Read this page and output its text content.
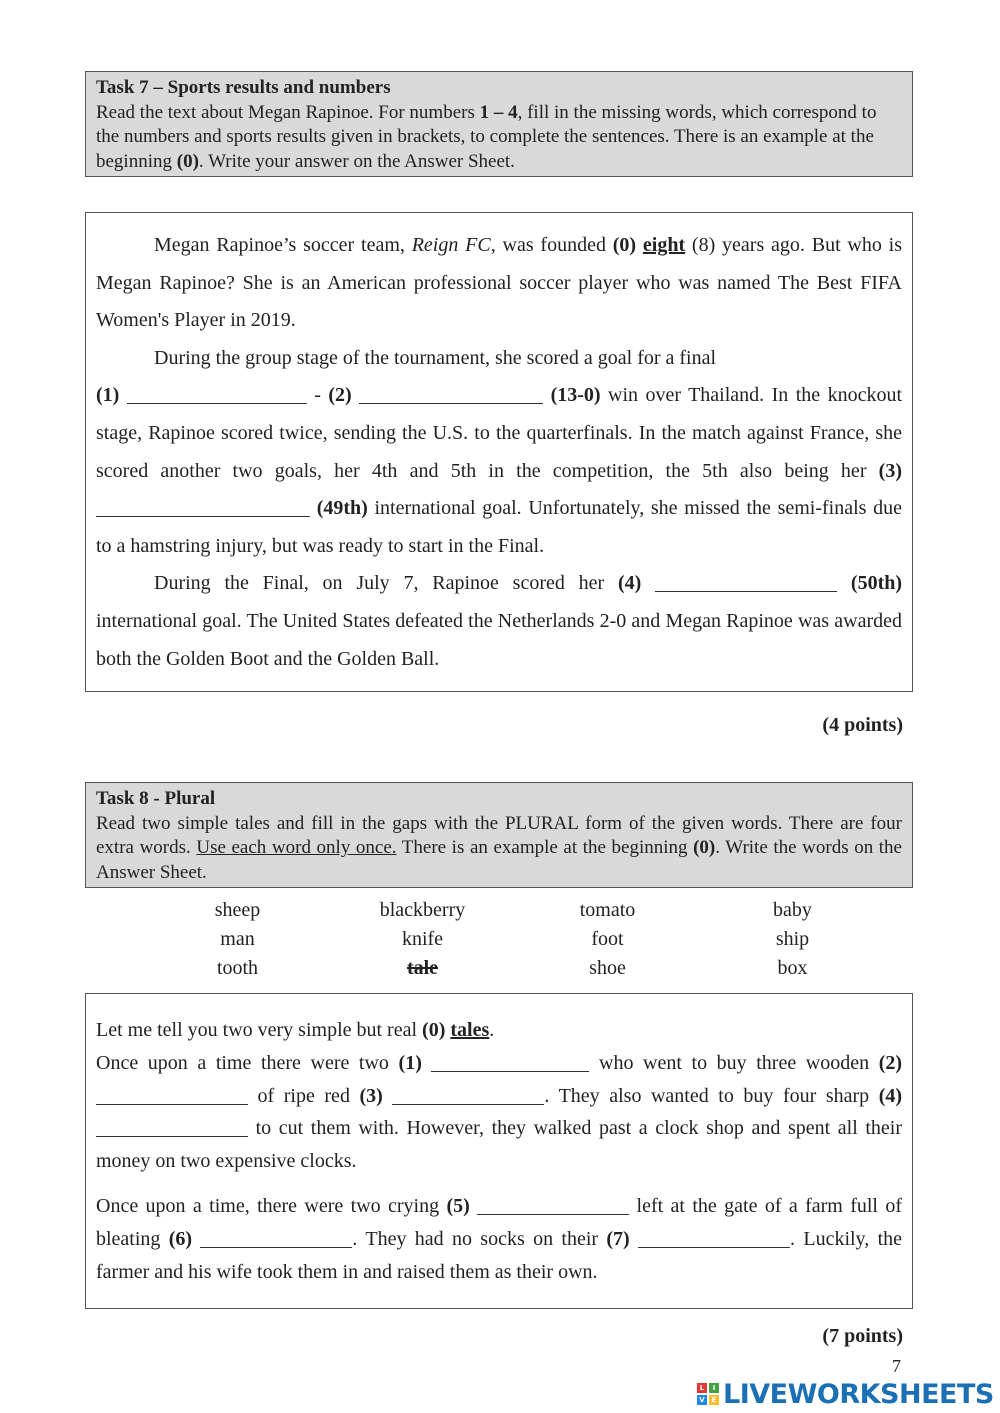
Task 7 – Sports results and numbers
Read the text about Megan Rapinoe. For numbers 1 – 4, fill in the missing words, which correspond to the numbers and sports results given in brackets, to complete the sentences. There is an example at the beginning (0). Write your answer on the Answer Sheet.
Megan Rapinoe’s soccer team, Reign FC, was founded (0) eight (8) years ago. But who is Megan Rapinoe? She is an American professional soccer player who was named The Best FIFA Women's Player in 2019.
During the group stage of the tournament, she scored a goal for a final
(1)	- (2)	(13-0) win over Thailand. In the knockout stage, Rapinoe scored twice, sending the U.S. to the quarterfinals. In the match against France, she scored another two goals, her 4th and 5th in the competition, the 5th also being her (3)  (49th) international goal. Unfortunately, she missed the semi-finals due to a hamstring injury, but was ready to start in the Final.
During the Final, on July 7, Rapinoe scored her (4)	(50th) international goal. The United States defeated the Netherlands 2-0 and Megan Rapinoe was awarded both the Golden Boot and the Golden Ball.
(4 points)
Task 8 - Plural
Read two simple tales and fill in the gaps with the PLURAL form of the given words. There are four extra words. Use each word only once. There is an example at the beginning (0). Write the words on the Answer Sheet.
sheep	blackberry	tomato	baby
man	knife	foot	ship
tooth	tale	shoe	box
Let me tell you two very simple but real (0) tales.
Once upon a time there were two (1)	who went to buy three wooden (2)  of ripe red (3)	. They also wanted to buy four sharp (4)  to cut them with. However, they walked past a clock shop and spent all their money on two expensive clocks.
Once upon a time, there were two crying (5)	left at the gate of a farm full of bleating (6)	. They had no socks on their (7)	. Luckily, the farmer and his wife took them in and raised them as their own.
(7 points)
7
L	I
V E LIVEWORKSHEETS
